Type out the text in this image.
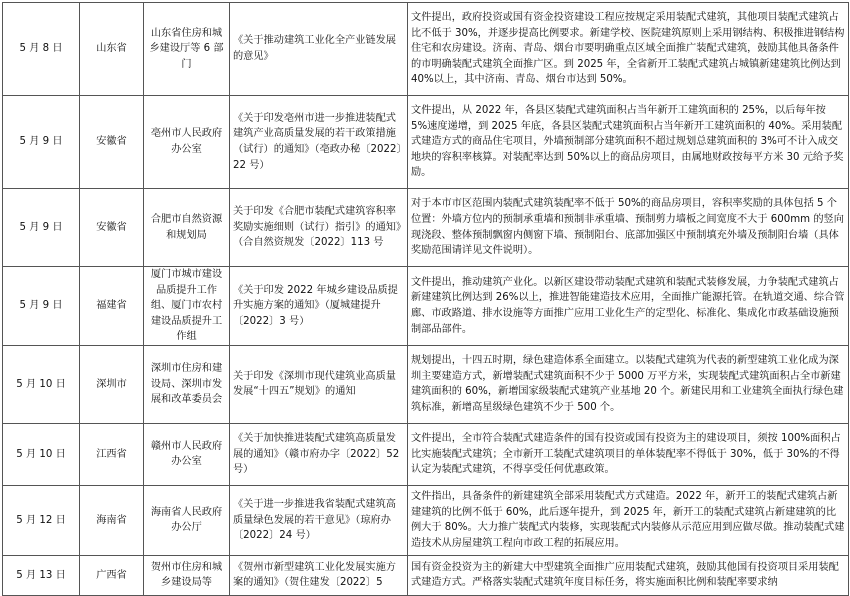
5 月 8 日	山东省	山东省住房和城乡建设厅等 6 部门	《关于推动建筑工业化全产业链发展的意见》	文件提出，政府投资或国有资金投资建设工程应按规定采用装配式建筑，其他项目装配式建筑占比不低于 30%，并逐步提高比例要求。新建学校、医院建筑原则上采用钢结构、积极推进钢结构住宅和农房建设。济南、青岛、烟台市要明确重点区域全面推广装配式建筑，鼓励其他具备条件的市明确装配式建筑全面推广区。到 2025 年，全省新开工装配式建筑占城镇新建建筑比例达到 40%以上，其中济南、青岛、烟台市达到 50%。
5 月 9 日	安徽省	亳州市人民政府办公室	《关于印发亳州市进一步推进装配式建筑产业高质量发展的若干政策措施（试行）的通知》（亳政办秘〔2022〕22 号）	文件提出，从 2022 年，各县区装配式建筑面积占当年新开工建筑面积的 25%，以后每年按 5%速度递增，到 2025 年底，各县区装配式建筑面积占当年新开工建筑面积的 40%。采用装配式建造方式的商品住宅项目，外墙预制部分建筑面积不超过规划总建筑面积的 3%可不计入成交地块的容积率核算。对装配率达到 50%以上的商品房项目，由属地财政按每平方米 30 元给予奖励。
5 月 9 日	安徽省	合肥市自然资源和规划局	关于印发《合肥市装配式建筑容积率奖励实施细则（试行）指引》的通知》（合自然资规发〔2022〕113 号	对于本市市区范围内装配式建筑装配率不低于 50%的商品房项目，容积率奖励的具体包括 5 个位置：外墙方位内的预制承重墙和预制非承重墙、预制剪力墙板之间宽度不大于 600mm 的竖向现浇段、整体预制飘窗内侧窗下墙、预制阳台、底部加强区中预制填充外墙及预制阳台墙（具体奖励范围请详见文件说明）。
5 月 9 日	福建省	厦门市城市建设品质提升工作组、厦门市农村建设品质提升工作组	《关于印发 2022 年城乡建设品质提升实施方案的通知》（厦城建提升〔2022〕3 号）	文件提出，推动建筑产业化。以新区建设带动装配式建筑和装配式装修发展，力争装配式建筑占新建建筑比例达到 26%以上，推进智能建造技术应用，全面推广能源托管。在轨道交通、综合管廊、市政路道、排水设施等方面推广应用工业化生产的定型化、标准化、集成化市政基础设施预制部品部件。
5 月 10 日	深圳市	深圳市住房和建设局、深圳市发展和改革委员会	关于印发《深圳市现代建筑业高质量发展“十四五”规划》的通知	规划提出，十四五时期，绿色建造体系全面建立。以装配式建筑为代表的新型建筑工业化成为深圳主要建造方式，新增装配式建筑面积不少于 5000 万平方米，实现装配式建筑面积占全市新建建筑面积的 60%，新增国家级装配式建筑产业基地 20 个。新建民用和工业建筑全面执行绿色建筑标准，新增高星级绿色建筑不少于 500 个。
5 月 10 日	江西省	赣州市人民政府办公室	《关于加快推进装配式建筑高质量发展的通知》（赣市府办字〔2022〕52 号）	文件提出，全市符合装配式建造条件的国有投资或国有投资为主的建设项目，须按 100%面积占比实施装配式建筑；全市新开工装配式建筑项目的单体装配率不得低于 30%，低于 30%的不得认定为装配式建筑，不得享受任何优惠政策。
5 月 12 日	海南省	海南省人民政府办公厅	《关于进一步推进我省装配式建筑高质量绿色发展的若干意见》（琼府办〔2022〕24 号）	文件指出，具备条件的新建建筑全部采用装配式方式建造。2022 年，新开工的装配式建筑占新建建筑的比例不低于 60%，此后逐年提升，到 2025 年，新开工的装配式建筑占新建建筑的比例大于 80%。大力推广装配式内装修，实现装配式内装修从示范应用到应做尽做。推动装配式建造技术从房屋建筑工程向市政工程的拓展应用。
5 月 13 日	广西省	贺州市住房和城乡建设局等	《贺州市新型建筑工业化发展实施方案的通知》（贺住建发〔2022〕5	国有资金投资为主的新建大中型建筑全面推广应用装配式建筑，鼓励其他国有投资项目采用装配式建造方式。严格落实装配式建筑年度目标任务，将实施面积比例和装配率要求纳
